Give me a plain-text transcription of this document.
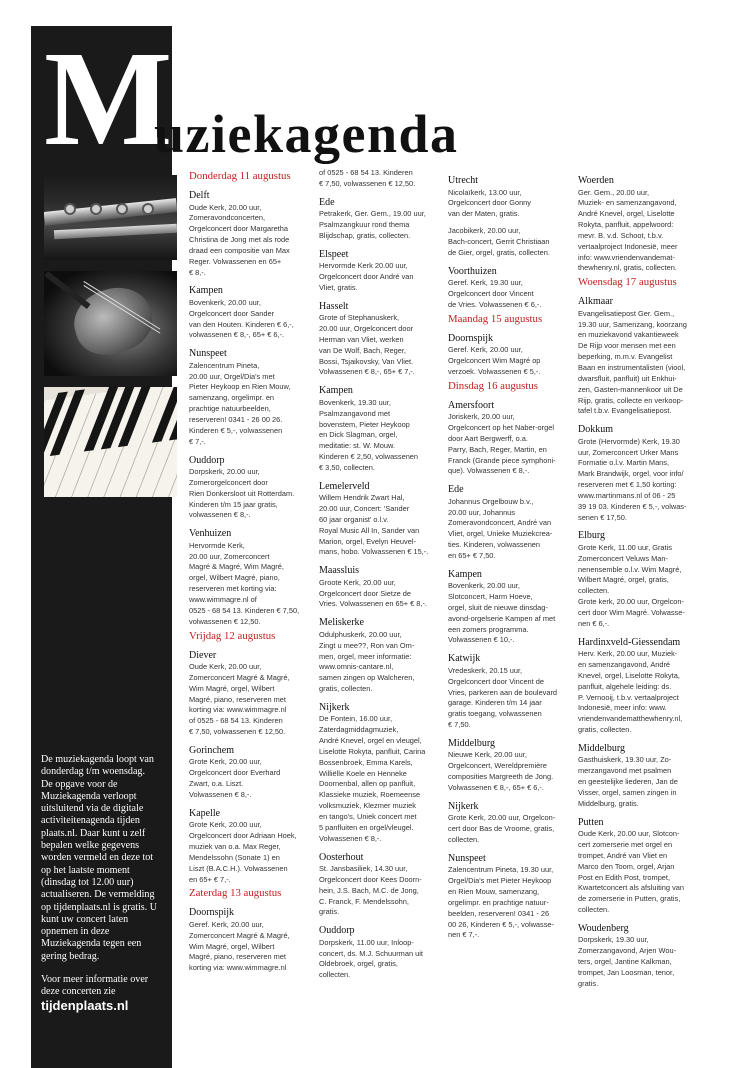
M
uziekagenda

De muziekagenda loopt van donderdag t/m woensdag. De opgave voor de Muziekagenda verloopt uitsluitend via de digitale activiteitenagenda tijden plaats.nl. Daar kunt u zelf bepalen welke gegevens worden vermeld en deze tot op het laatste moment (dinsdag tot 12.00 uur) actualiseren. De vermelding op tijdenplaats.nl is gratis. U kunt uw concert laten opnemen in deze Muziekagenda tegen een gering bedrag.

Voor meer informatie over deze concerten zie
tijdenplaats.nl

Donderdag 11 augustus
Delft
Oude Kerk, 20.00 uur,
Zomeravondconcerten,
Orgelconcert door Margaretha
Christina de Jong met als rode
draad een compositie van Max
Reger. Volwassenen en 65+
€ 8,-.
Kampen
Bovenkerk, 20.00 uur,
Orgelconcert door Sander
van den Houten. Kinderen € 6,-,
volwassenen € 8,-, 65+ € 6,-.
Nunspeet
Zalencentrum Pineta,
20.00 uur, Orgel/Dia's met
Pieter Heykoop en Rien Mouw,
samenzang, orgelimpr. en
prachtige natuurbeelden,
reserveren! 0341 - 26 00 26.
Kinderen € 5,-, volwassenen
€ 7,-.
Ouddorp
Dorpskerk, 20.00 uur,
Zomerorgelconcert door
Rien Donkersloot uit Rotterdam.
Kinderen t/m 15 jaar gratis,
volwassenen € 8,-.
Venhuizen
Hervormde Kerk,
20.00 uur, Zomerconcert
Magré & Magré, Wim Magré,
orgel, Wilbert Magré, piano,
reserveren met korting via:
www.wimmagre.nl of
0525 - 68 54 13. Kinderen € 7,50,
volwassenen € 12,50.
Vrijdag 12 augustus
Diever
Oude Kerk, 20.00 uur,
Zomerconcert Magré & Magré,
Wim Magré, orgel, Wilbert
Magré, piano, reserveren met
korting via: www.wimmagre.nl
of 0525 - 68 54 13. Kinderen
€ 7,50, volwassenen € 12,50.
Gorinchem
Grote Kerk, 20.00 uur,
Orgelconcert door Everhard
Zwart, o.a. Liszt.
Volwassenen € 8,-.
Kapelle
Grote Kerk, 20.00 uur,
Orgelconcert door Adriaan Hoek,
muziek van o.a. Max Reger,
Mendelssohn (Sonate 1) en
Liszt (B.A.C.H.). Volwassenen
en 65+ € 7,-.
Zaterdag 13 augustus
Doornspijk
Geref. Kerk, 20.00 uur,
Zomerconcert Magré & Magré,
Wim Magré, orgel, Wilbert
Magré, piano, reserveren met
korting via: www.wimmagre.nl
of 0525 - 68 54 13. Kinderen
€ 7,50, volwassenen € 12,50.
Ede
Petrakerk, Ger. Gem., 19.00 uur,
Psalmzangkuur rond thema
Blijdschap, gratis, collecten.
Elspeet
Hervormde Kerk 20.00 uur,
Orgelconcert door André van
Vliet, gratis.
Hasselt
Grote of Stephanuskerk,
20.00 uur, Orgelconcert door
Herman van Vliet, werken
van De Wolf, Bach, Reger,
Bossi, Tsjaikovsky, Van Vliet.
Volwassenen € 8,-, 65+ € 7,-.
Kampen
Bovenkerk, 19.30 uur,
Psalmzangavond met
bovenstem, Pieter Heykoop
en Dick Slagman, orgel,
meditatie: st. W. Mouw.
Kinderen € 2,50, volwassenen
€ 3,50, collecten.
Lemelerveld
Willem Hendrik Zwart Hal,
20.00 uur, Concert: 'Sander
60 jaar organist' o.l.v.
Royal Music All In, Sander van
Marion, orgel, Evelyn Heuvel-
mans, hobo. Volwassenen € 15,-.
Maassluis
Groote Kerk, 20.00 uur,
Orgelconcert door Sietze de
Vries. Volwassenen en 65+ € 8,-.
Meliskerke
Odulphuskerk, 20.00 uur,
Zingt u mee??, Ron van Om-
men, orgel, meer informatie:
www.omnis-cantare.nl,
samen zingen op Walcheren,
gratis, collecten.
Nijkerk
De Fontein, 16.00 uur,
Zaterdagmiddagmuziek,
André Knevel, orgel en vleugel,
Liselotte Rokyta, panfluit, Carina
Bossenbroek, Emma Karels,
Williëlle Koele en Henneke
Doornenbal, allen op panfluit,
Klassieke muziek, Roemeense
volksmuziek, Klezmer muziek
en tango's, Uniek concert met
5 panfluiten en orgel/vleugel.
Volwassenen € 8,-.
Oosterhout
St. Jansbasiliek, 14.30 uur,
Orgelconcert door Kees Doorn-
hein, J.S. Bach, M.C. de Jong,
C. Franck, F. Mendelssohn,
gratis.
Ouddorp
Dorpskerk, 11.00 uur, Inloop-
concert, ds. M.J. Schuurman uit
Oldebroek, orgel, gratis,
collecten.
Utrecht
Nicolaïkerk, 13.00 uur,
Orgelconcert door Gonny
van der Maten, gratis.
Jacobikerk, 20.00 uur,
Bach-concert, Gerrit Christiaan
de Gier, orgel, gratis, collecten.
Voorthuizen
Geref. Kerk, 19.30 uur,
Orgelconcert door Vincent
de Vries. Volwassenen € 6,-.
Maandag 15 augustus
Doornspijk
Geref. Kerk, 20.00 uur,
Orgelconcert Wim Magré op
verzoek. Volwassenen € 5,-.
Dinsdag 16 augustus
Amersfoort
Joriskerk, 20.00 uur,
Orgelconcert op het Naber-orgel
door Aart Bergwerff, o.a.
Parry, Bach, Reger, Martin, en
Franck (Grande piece symphoni-
que). Volwassenen € 8,-.
Ede
Johannus Orgelbouw b.v.,
20.00 uur, Johannus
Zomeravondconcert, André van
Vliet, orgel, Unieke Muziekcrea-
ties. Kinderen, volwassenen
en 65+ € 7,50.
Kampen
Bovenkerk, 20.00 uur,
Slotconcert, Harm Hoeve,
orgel, sluit de nieuwe dinsdag-
avond-orgelserie Kampen af met
een zomers programma.
Volwassenen € 10,-.
Katwijk
Vredeskerk, 20.15 uur,
Orgelconcert door Vincent de
Vries, parkeren aan de boulevard
garage. Kinderen t/m 14 jaar
gratis toegang, volwassenen
€ 7,50.
Middelburg
Nieuwe Kerk, 20.00 uur,
Orgelconcert, Wereldpremière
composities Margreeth de Jong.
Volwassenen € 8,-, 65+ € 6,-.
Nijkerk
Grote Kerk, 20.00 uur, Orgelcon-
cert door Bas de Vroome, gratis,
collecten.
Nunspeet
Zalencentrum Pineta, 19.30 uur,
Orgel/Dia's met Pieter Heykoop
en Rien Mouw, samenzang,
orgelimpr. en prachtige natuur-
beelden, reserveren! 0341 - 26
00 26, Kinderen € 5,-, volwasse-
nen € 7,-.
Woerden
Ger. Gem., 20.00 uur,
Muziek- en samenzangavond,
André Knevel, orgel, Liselotte
Rokyta, panfluit, appelwoord:
mevr. B. v.d. Schoot, t.b.v.
vertaalproject Indonesië, meer
info: www.vriendenvandemat-
thewhenry.nl, gratis, collecten.
Woensdag 17 augustus
Alkmaar
Evangelisatiepost Ger. Gem.,
19.30 uur, Samenzang, koorzang
en muziekavond vakantieweek
De Rijp voor mensen met een
beperking, m.m.v. Evangelist
Baan en instrumentalisten (viool,
dwarsfluit, panfluit) uit Enkhui-
zen, Gasten-mannenkoor uit De
Rijp, gratis, collecte en verkoop-
tafel t.b.v. Evangelisatiepost.
Dokkum
Grote (Hervormde) Kerk, 19.30
uur, Zomerconcert Urker Mans
Formatie o.l.v. Martin Mans,
Mark Brandwijk, orgel, voor info/
reserveren met € 1,50 korting:
www.martinmans.nl of 06 - 25
39 19 03. Kinderen € 5,-, volwas-
senen € 17,50.
Elburg
Grote Kerk, 11.00 uur, Gratis
Zomerconcert Veluws Man-
nenensemble o.l.v. Wim Magré,
Wilbert Magré, orgel, gratis,
collecten.
Grote kerk, 20.00 uur, Orgelcon-
cert door Wim Magré. Volwasse-
nen € 6,-.
Hardinxveld-Giessendam
Herv. Kerk, 20.00 uur, Muziek-
en samenzangavond, André
Knevel, orgel, Liselotte Rokyta,
panfluit, algehele leiding: ds.
P. Vernooij, t.b.v. vertaalproject
Indonesië, meer info: www.
vriendenvandematthewhenry.nl,
gratis, collecten.
Middelburg
Gasthuiskerk, 19.30 uur, Zo-
merzangavond met psalmen
en geestelijke liederen, Jan de
Visser, orgel, samen zingen in
Middelburg, gratis.
Putten
Oude Kerk, 20.00 uur, Slotcon-
cert zomerserie met orgel en
trompet, André van Vliet en
Marco den Toom, orgel, Arjan
Post en Edith Post, trompet,
Kwartetconcert als afsluiting van
de zomerserie in Putten, gratis,
collecten.
Woudenberg
Dorpskerk, 19.30 uur,
Zomerzangavond, Arjen Wou-
ters, orgel, Jantine Kalkman,
trompet, Jan Loosman, tenor,
gratis.
